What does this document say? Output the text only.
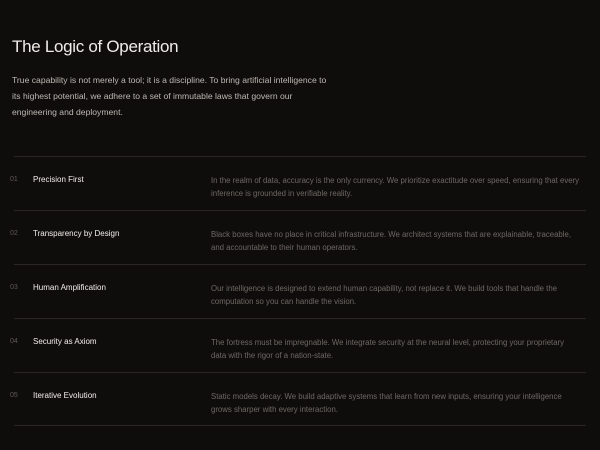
The Logic of Operation

True capability is not merely a tool; it is a discipline. To bring artificial intelligence to its highest potential, we adhere to a set of immutable laws that govern our engineering and deployment.

01 Precision First	In the realm of data, accuracy is the only currency. We prioritize exactitude over speed, ensuring that every inference is grounded in verifiable reality.

02 Transparency by Design	Black boxes have no place in critical infrastructure. We architect systems that are explainable, traceable, and accountable to their human operators.

03 Human Amplification	Our intelligence is designed to extend human capability, not replace it. We build tools that handle the computation so you can handle the vision.

04 Security as Axiom	The fortress must be impregnable. We integrate security at the neural level, protecting your proprietary data with the rigor of a nation-state.

05 Iterative Evolution	Static models decay. We build adaptive systems that learn from new inputs, ensuring your intelligence grows sharper with every interaction.
